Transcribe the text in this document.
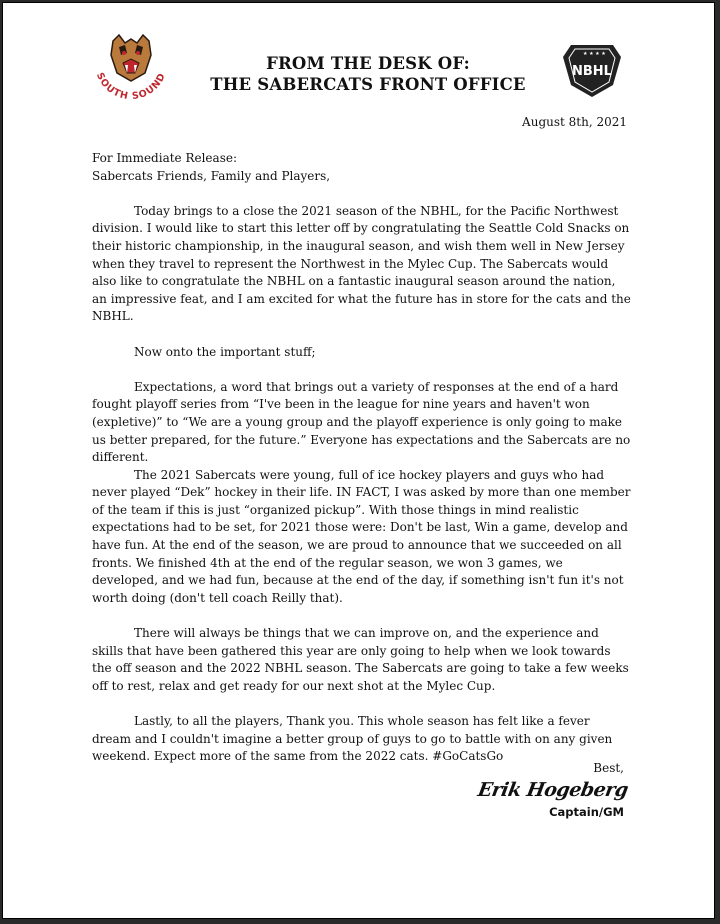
SOUTH SOUND
FROM THE DESK OF:
THE SABERCATS FRONT OFFICE
★ ★ ★ ★
NBHL
August 8th, 2021

For Immediate Release:

Sabercats Friends, Family and Players,

Today brings to a close the 2021 season of the NBHL, for the Pacific Northwest division. I would like to start this letter off by congratulating the Seattle Cold Snacks on their historic championship, in the inaugural season, and wish them well in New Jersey when they travel to represent the Northwest in the Mylec Cup. The Sabercats would also like to congratulate the NBHL on a fantastic inaugural season around the nation, an impressive feat, and I am excited for what the future has in store for the cats and the NBHL.

Now onto the important stuff;

Expectations, a word that brings out a variety of responses at the end of a hard fought playoff series from “I've been in the league for nine years and haven't won (expletive)” to “We are a young group and the playoff experience is only going to make us better prepared, for the future.” Everyone has expectations and the Sabercats are no different.

The 2021 Sabercats were young, full of ice hockey players and guys who had never played “Dek” hockey in their life. IN FACT, I was asked by more than one member of the team if this is just “organized pickup”. With those things in mind realistic expectations had to be set, for 2021 those were: Don't be last, Win a game, develop and have fun. At the end of the season, we are proud to announce that we succeeded on all fronts. We finished 4th at the end of the regular season, we won 3 games, we developed, and we had fun, because at the end of the day, if something isn't fun it's not worth doing (don't tell coach Reilly that).

There will always be things that we can improve on, and the experience and skills that have been gathered this year are only going to help when we look towards the off season and the 2022 NBHL season. The Sabercats are going to take a few weeks off to rest, relax and get ready for our next shot at the Mylec Cup.

Lastly, to all the players, Thank you. This whole season has felt like a fever dream and I couldn't imagine a better group of guys to go to battle with on any given weekend. Expect more of the same from the 2022 cats. #GoCatsGo

Best,
Erik Hogeberg
Captain/GM
